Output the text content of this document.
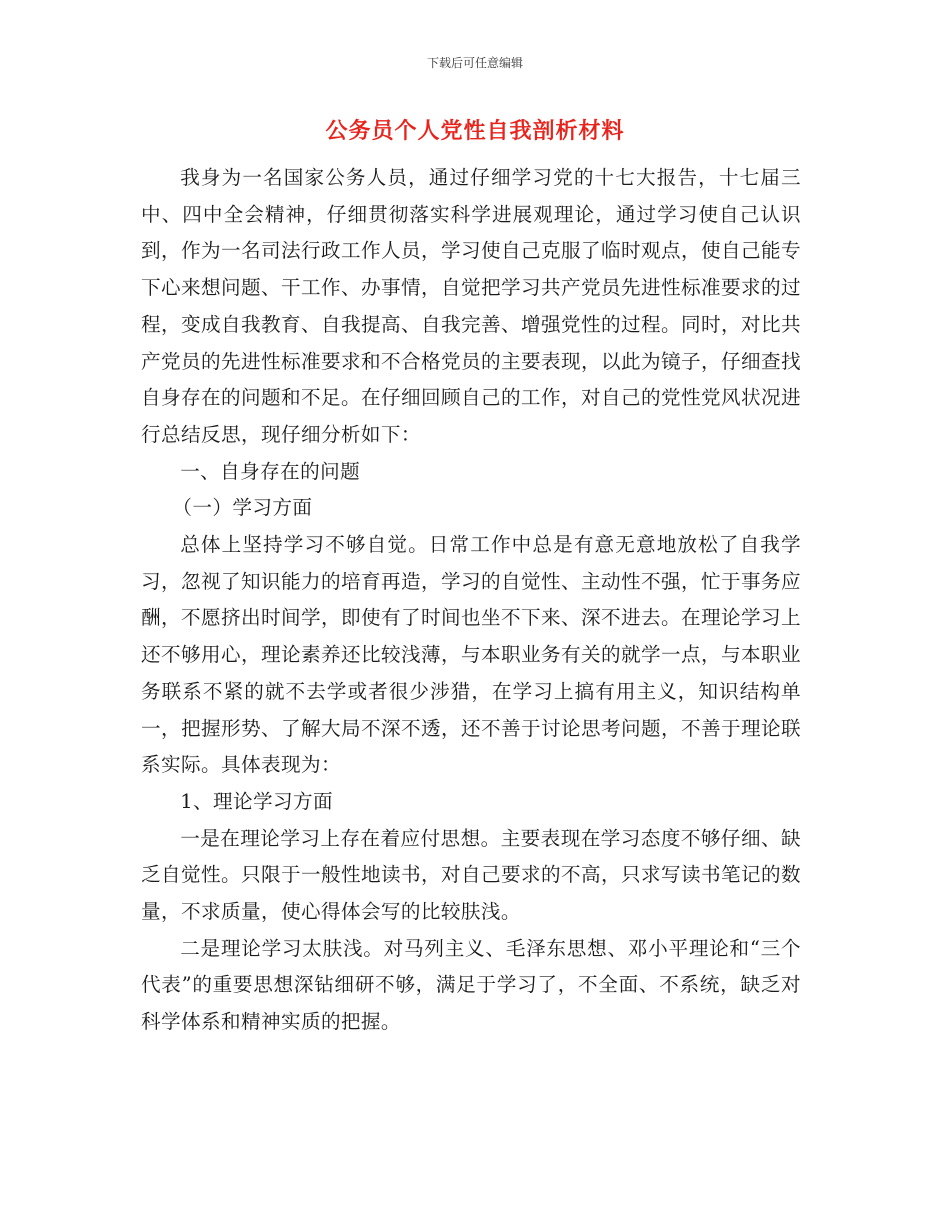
下载后可任意编辑
公务员个人党性自我剖析材料

我身为一名国家公务人员，通过仔细学习党的十七大报告，十七届三中、四中全会精神，仔细贯彻落实科学进展观理论，通过学习使自己认识到，作为一名司法行政工作人员，学习使自己克服了临时观点，使自己能专下心来想问题、干工作、办事情，自觉把学习共产党员先进性标准要求的过程，变成自我教育、自我提高、自我完善、增强党性的过程。同时，对比共产党员的先进性标准要求和不合格党员的主要表现，以此为镜子，仔细查找自身存在的问题和不足。在仔细回顾自己的工作，对自己的党性党风状况进行总结反思，现仔细分析如下：

一、自身存在的问题

（一）学习方面

总体上坚持学习不够自觉。日常工作中总是有意无意地放松了自我学习，忽视了知识能力的培育再造，学习的自觉性、主动性不强，忙于事务应酬，不愿挤出时间学，即使有了时间也坐不下来、深不进去。在理论学习上还不够用心，理论素养还比较浅薄，与本职业务有关的就学一点，与本职业务联系不紧的就不去学或者很少涉猎，在学习上搞有用主义，知识结构单一，把握形势、了解大局不深不透，还不善于讨论思考问题，不善于理论联系实际。具体表现为：

1、理论学习方面

一是在理论学习上存在着应付思想。主要表现在学习态度不够仔细、缺乏自觉性。只限于一般性地读书，对自己要求的不高，只求写读书笔记的数量，不求质量，使心得体会写的比较肤浅。

二是理论学习太肤浅。对马列主义、毛泽东思想、邓小平理论和“三个代表”的重要思想深钻细研不够，满足于学习了，不全面、不系统，缺乏对科学体系和精神实质的把握。
